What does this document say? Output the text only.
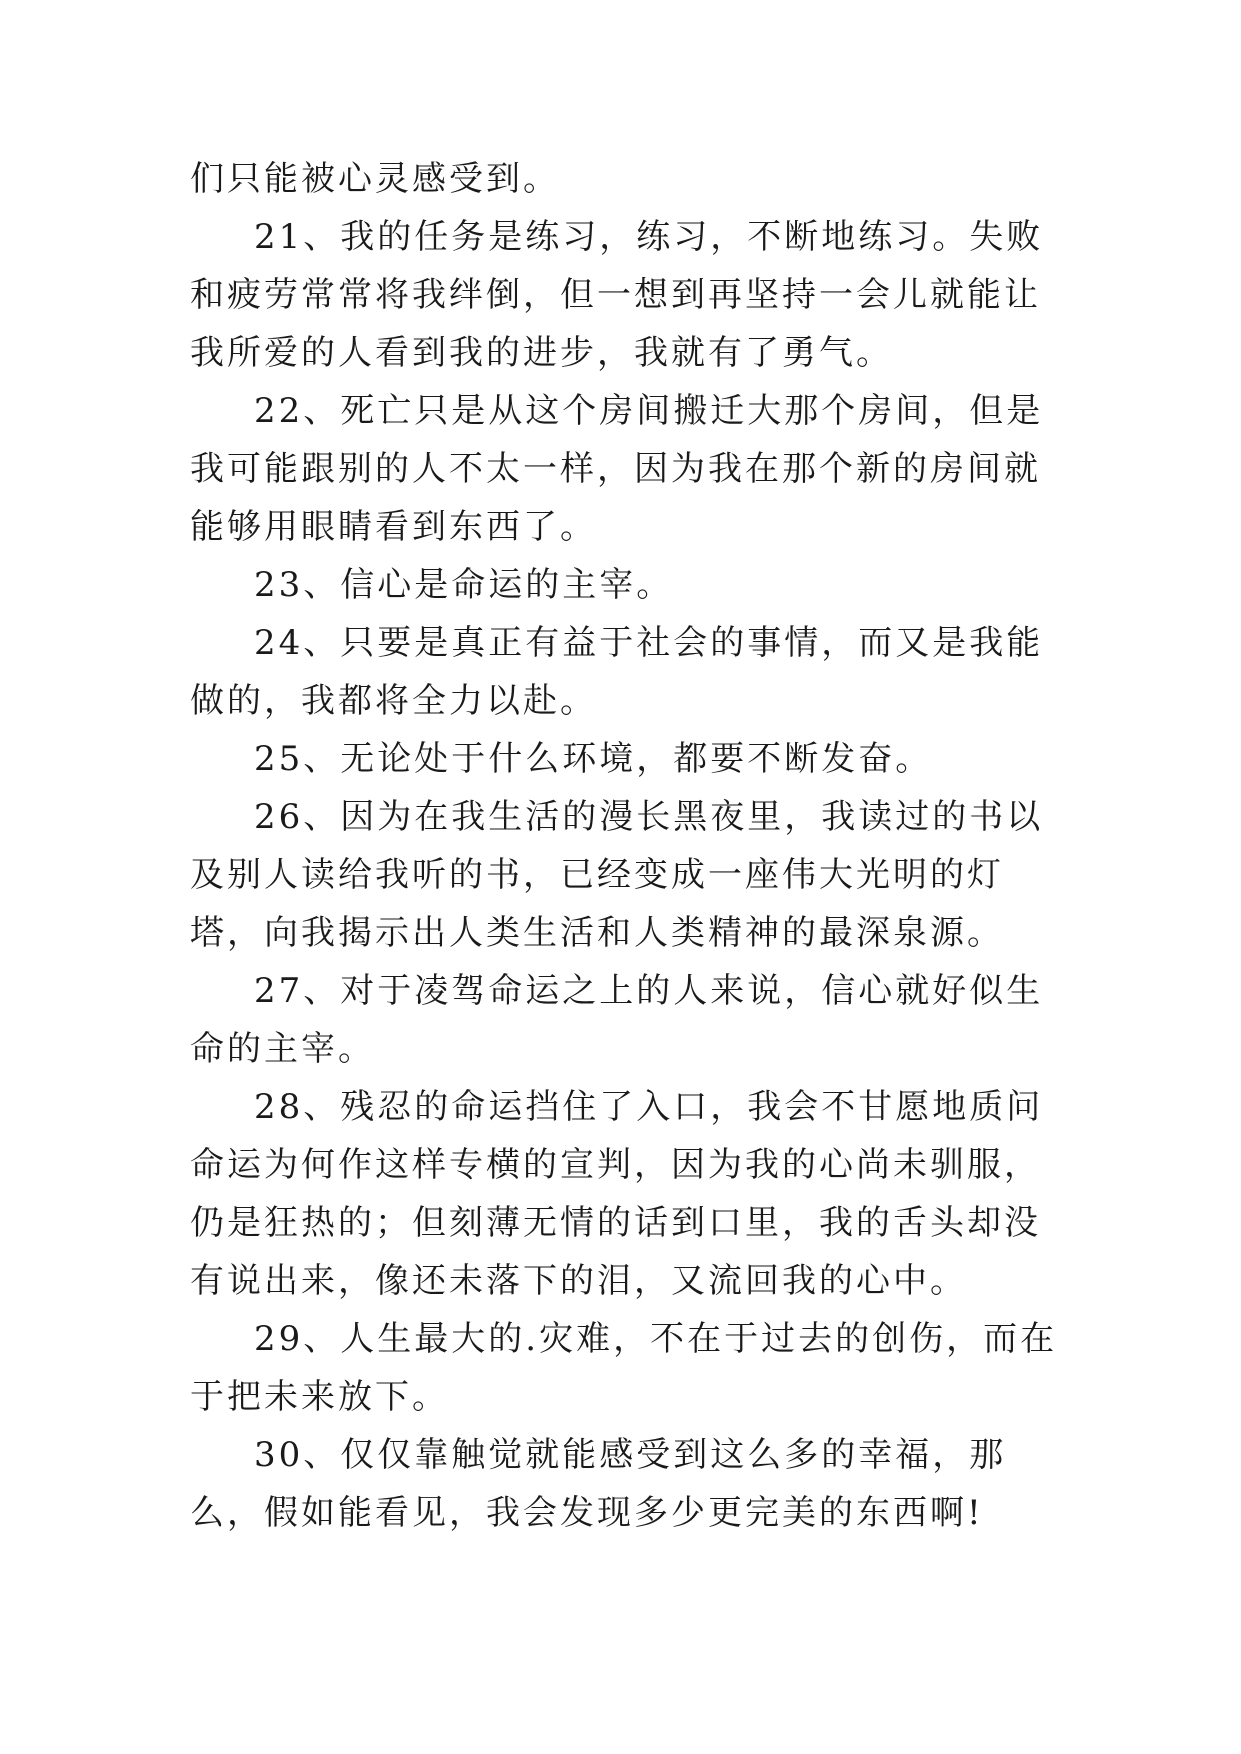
们只能被心灵感受到。

21、我的任务是练习，练习，不断地练习。失败和疲劳常常将我绊倒，但一想到再坚持一会儿就能让我所爱的人看到我的进步，我就有了勇气。

22、死亡只是从这个房间搬迁大那个房间，但是我可能跟别的人不太一样，因为我在那个新的房间就能够用眼睛看到东西了。

23、信心是命运的主宰。

24、只要是真正有益于社会的事情，而又是我能做的，我都将全力以赴。

25、无论处于什么环境，都要不断发奋。

26、因为在我生活的漫长黑夜里，我读过的书以及别人读给我听的书，已经变成一座伟大光明的灯塔，向我揭示出人类生活和人类精神的最深泉源。

27、对于凌驾命运之上的人来说，信心就好似生命的主宰。

28、残忍的命运挡住了入口，我会不甘愿地质问命运为何作这样专横的宣判，因为我的心尚未驯服，仍是狂热的；但刻薄无情的话到口里，我的舌头却没有说出来，像还未落下的泪，又流回我的心中。

29、人生最大的.灾难，不在于过去的创伤，而在于把未来放下。

30、仅仅靠触觉就能感受到这么多的幸福，那么，假如能看见，我会发现多少更完美的东西啊!
